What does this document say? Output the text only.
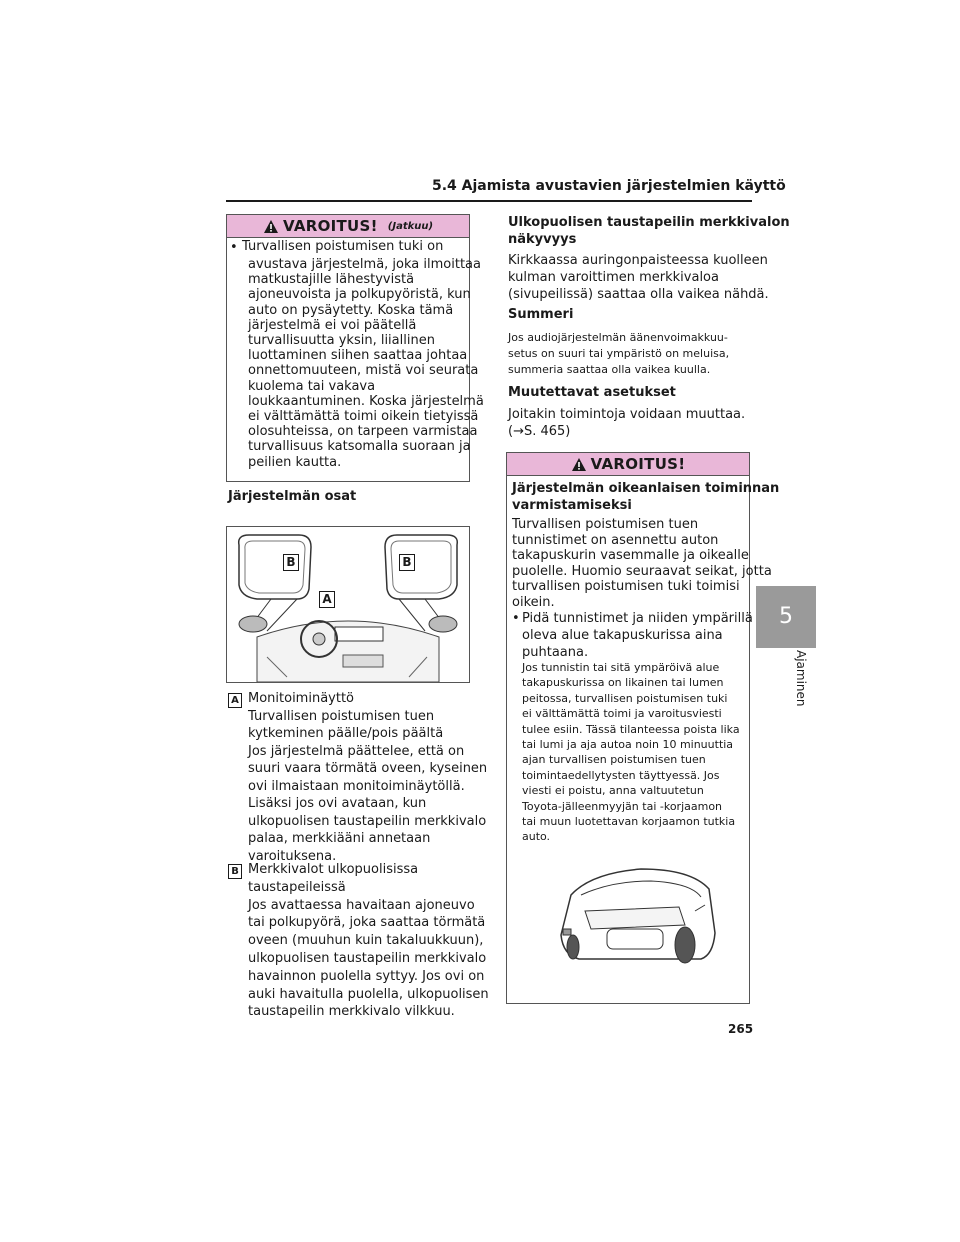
5.4 Ajamista avustavien järjestelmien käyttö
5
Ajaminen
VAROITUS! (Jatkuu)
• Turvallisen poistumisen tuki on
avustava järjestelmä, joka ilmoittaa
matkustajille lähestyvistä
ajoneuvoista ja polkupyöristä, kun
auto on pysäytetty. Koska tämä
järjestelmä ei voi päätellä
turvallisuutta yksin, liiallinen
luottaminen siihen saattaa johtaa
onnettomuuteen, mistä voi seurata
kuolema tai vakava
loukkaantuminen. Koska järjestelmä
ei välttämättä toimi oikein tietyissä
olosuhteissa, on tarpeen varmistaa
turvallisuus katsomalla suoraan ja
peilien kautta.
Järjestelmän osat
B	B
A
A Monitoiminäyttö
Turvallisen poistumisen tuen
kytkeminen päälle/pois päältä
Jos järjestelmä päättelee, että on
suuri vaara törmätä oveen, kyseinen
ovi ilmaistaan monitoiminäytöllä.
Lisäksi jos ovi avataan, kun
ulkopuolisen taustapeilin merkkivalo
palaa, merkkiääni annetaan
varoituksena.
B Merkkivalot ulkopuolisissa
taustapeileissä
Jos avattaessa havaitaan ajoneuvo
tai polkupyörä, joka saattaa törmätä
oveen (muuhun kuin takaluukkuun),
ulkopuolisen taustapeilin merkkivalo
havainnon puolella syttyy. Jos ovi on
auki havaitulla puolella, ulkopuolisen
taustapeilin merkkivalo vilkkuu.
Ulkopuolisen taustapeilin merkkivalon
näkyvyys
Kirkkaassa auringonpaisteessa kuolleen
kulman varoittimen merkkivaloa
(sivupeilissä) saattaa olla vaikea nähdä.
Summeri
Jos audiojärjestelmän äänenvoimakkuu-
setus on suuri tai ympäristö on meluisa,
summeria saattaa olla vaikea kuulla.
Muutettavat asetukset
Joitakin toimintoja voidaan muuttaa.
(→S. 465)
VAROITUS!
Järjestelmän oikeanlaisen toiminnan
varmistamiseksi
Turvallisen poistumisen tuen
tunnistimet on asennettu auton
takapuskurin vasemmalle ja oikealle
puolelle. Huomio seuraavat seikat, jotta
turvallisen poistumisen tuki toimisi
oikein.
• Pidä tunnistimet ja niiden ympärillä
oleva alue takapuskurissa aina
puhtaana.
Jos tunnistin tai sitä ympäröivä alue
takapuskurissa on likainen tai lumen
peitossa, turvallisen poistumisen tuki
ei välttämättä toimi ja varoitusviesti
tulee esiin. Tässä tilanteessa poista lika
tai lumi ja aja autoa noin 10 minuuttia
ajan turvallisen poistumisen tuen
toimintaedellytysten täyttyessä. Jos
viesti ei poistu, anna valtuutetun
Toyota-jälleenmyyjän tai -korjaamon
tai muun luotettavan korjaamon tutkia
auto.
265
